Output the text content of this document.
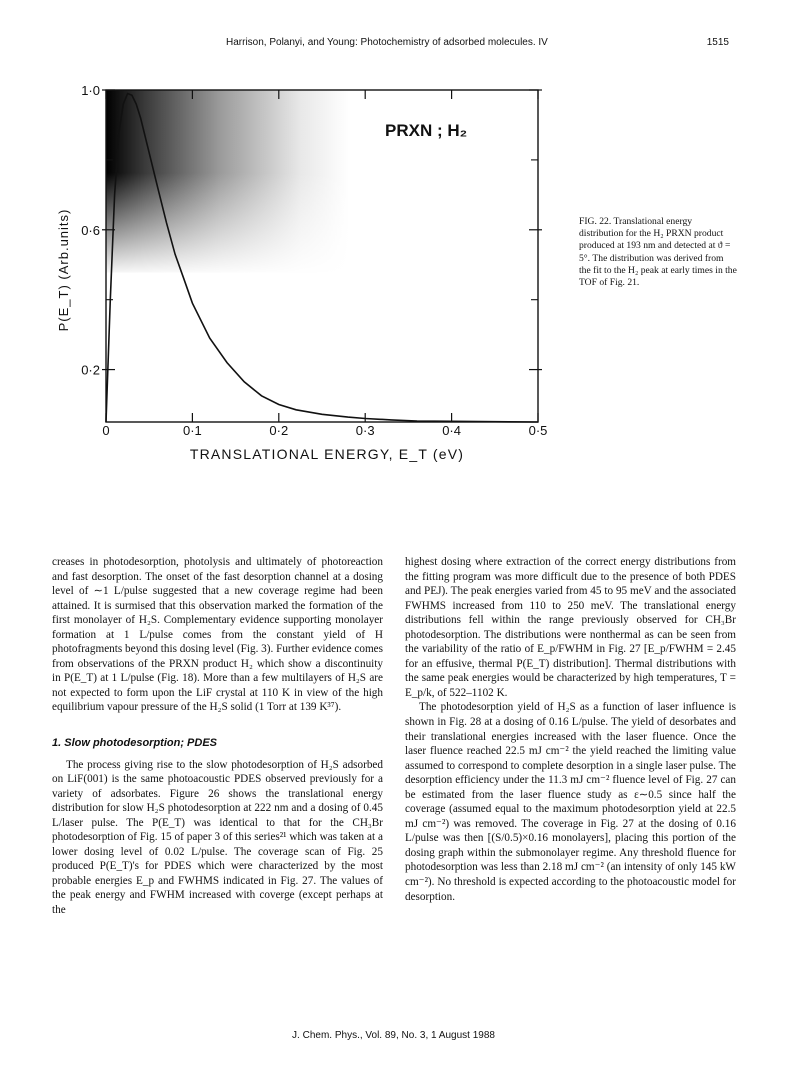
Harrison, Polanyi, and Young: Photochemistry of adsorbed molecules. IV	1515
0	0·1	0·2	0·3	0·4	0·5
1·0
0·6
0·2
PRXN ; H₂
TRANSLATIONAL ENERGY, E_T (eV)
P(E_T) (Arb.units)	FIG. 22. Translational energy distribution for the H₂ PRXN product produced at 193 nm and detected at ϑ = 5°. The distribution was derived from the fit to the H₂ peak at early times in the TOF of Fig. 21.

creases in photodesorption, photolysis and ultimately of photoreaction and fast desorption. The onset of the fast desorption channel at a dosing level of ∼1 L/pulse suggested that a new coverage regime had been attained. It is surmised that this observation marked the formation of the first monolayer of H₂S. Complementary evidence supporting monolayer formation at 1 L/pulse comes from the constant yield of H photofragments beyond this dosing level (Fig. 3). Further evidence comes from observations of the PRXN product H₂ which show a discontinuity in P(E_T) at 1 L/pulse (Fig. 18). More than a few multilayers of H₂S are not expected to form upon the LiF crystal at 110 K in view of the high equilibrium vapour pressure of the H₂S solid (1 Torr at 139 K³⁷).

1. Slow photodesorption; PDES

The process giving rise to the slow photodesorption of H₂S adsorbed on LiF(001) is the same photoacoustic PDES observed previously for a variety of adsorbates. Figure 26 shows the translational energy distribution for slow H₂S photodesorption at 222 nm and a dosing of 0.45 L/laser pulse. The P(E_T) was identical to that for the CH₃Br photodesorption of Fig. 15 of paper 3 of this series²¹ which was taken at a lower dosing level of 0.02 L/pulse. The coverage scan of Fig. 25 produced P(E_T)'s for PDES which were characterized by the most probable energies E_p and FWHMS indicated in Fig. 27. The values of the peak energy and FWHM increased with coverge (except perhaps at the

highest dosing where extraction of the correct energy distributions from the fitting program was more difficult due to the presence of both PDES and PEJ). The peak energies varied from 45 to 95 meV and the associated FWHMS increased from 110 to 250 meV. The translational energy distributions fell within the range previously observed for CH₃Br photodesorption. The distributions were nonthermal as can be seen from the variability of the ratio of E_p/FWHM in Fig. 27 [E_p/FWHM = 2.45 for an effusive, thermal P(E_T) distribution]. Thermal distributions with the same peak energies would be characterized by high temperatures, T = E_p/k, of 522–1102 K.

The photodesorption yield of H₂S as a function of laser influence is shown in Fig. 28 at a dosing of 0.16 L/pulse. The yield of desorbates and their translational energies increased with the laser fluence. Once the laser fluence reached 22.5 mJ cm⁻² the yield reached the limiting value assumed to correspond to complete desorption in a single laser pulse. The desorption efficiency under the 11.3 mJ cm⁻² fluence level of Fig. 27 can be estimated from the laser fluence study as ε∼0.5 since half the coverage (assumed equal to the maximum photodesorption yield at 22.5 mJ cm⁻²) was removed. The coverage in Fig. 27 at the dosing of 0.16 L/pulse was then [(S/0.5)×0.16 monolayers], placing this portion of the dosing graph within the submonolayer regime. Any threshold fluence for photodesorption was less than 2.18 mJ cm⁻² (an intensity of only 145 kW cm⁻²). No threshold is expected according to the photoacoustic model for desorption.

J. Chem. Phys., Vol. 89, No. 3, 1 August 1988
